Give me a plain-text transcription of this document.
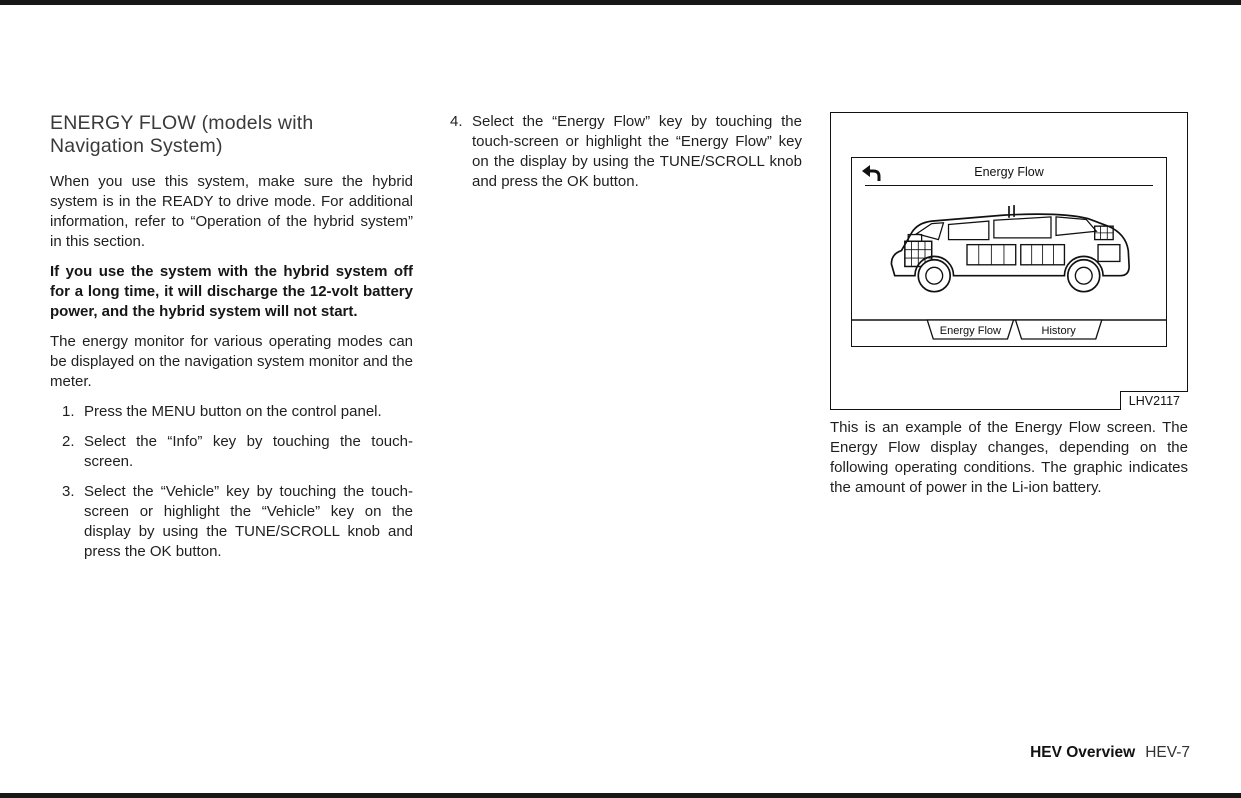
ENERGY FLOW (models with Navigation System)

When you use this system, make sure the hybrid system is in the READY to drive mode. For additional information, refer to “Operation of the hybrid system” in this section.

If you use the system with the hybrid system off for a long time, it will discharge the 12-volt battery power, and the hybrid system will not start.

The energy monitor for various operating modes can be displayed on the navigation system monitor and the meter.

1. Press the MENU button on the control panel.
2. Select the “Info” key by touching the touch-screen.
3. Select the “Vehicle” key by touching the touch-screen or highlight the “Vehicle” key on the display by using the TUNE/SCROLL knob and press the OK button.
4. Select the “Energy Flow” key by touching the touch-screen or highlight the “Energy Flow” key on the display by using the TUNE/SCROLL knob and press the OK button.
Energy Flow
Energy Flow	History
LHV2117

This is an example of the Energy Flow screen. The Energy Flow display changes, depending on the following operating conditions. The graphic indicates the amount of power in the Li-ion battery.

HEV Overview HEV-7
